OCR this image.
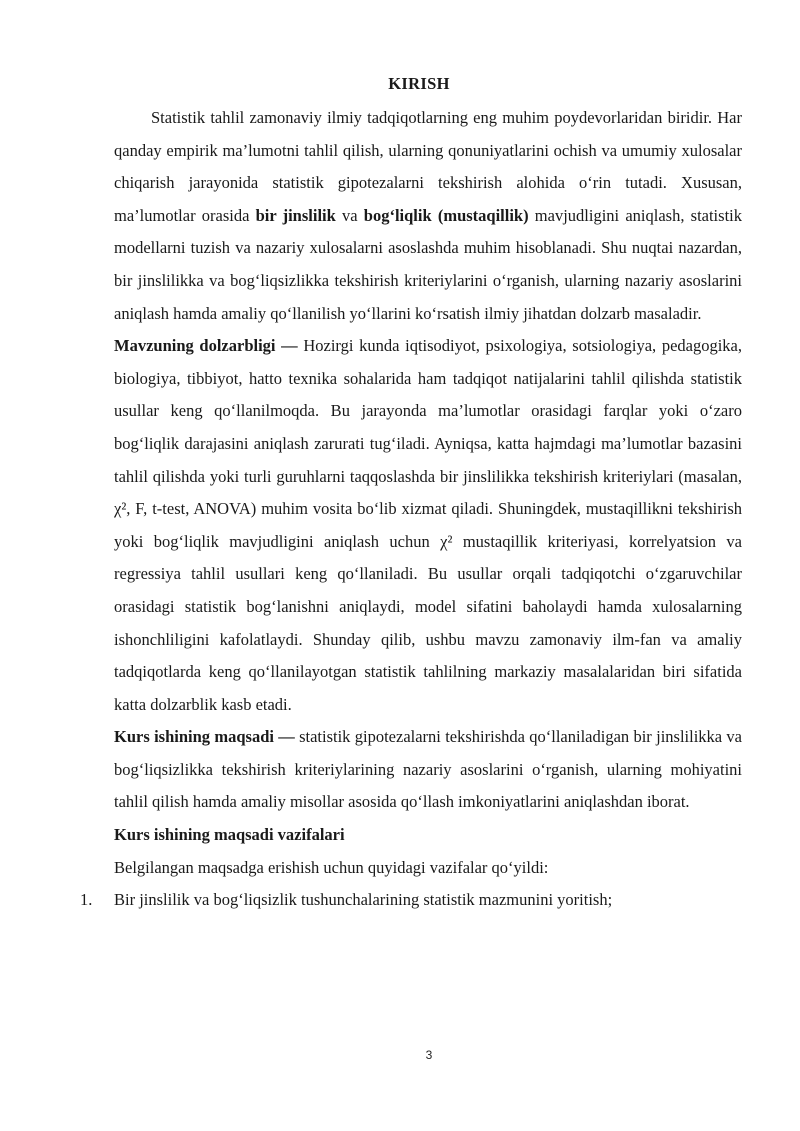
KIRISH

Statistik tahlil zamonaviy ilmiy tadqiqotlarning eng muhim poydevorlaridan biridir. Har qanday empirik ma’lumotni tahlil qilish, ularning qonuniyatlarini ochish va umumiy xulosalar chiqarish jarayonida statistik gipotezalarni tekshirish alohida o‘rin tutadi. Xususan, ma’lumotlar orasida bir jinslilik va bog‘liqlik (mustaqillik) mavjudligini aniqlash, statistik modellarni tuzish va nazariy xulosalarni asoslashda muhim hisoblanadi. Shu nuqtai nazardan, bir jinslilikka va bog‘liqsizlikka tekshirish kriteriylarini o‘rganish, ularning nazariy asoslarini aniqlash hamda amaliy qo‘llanilish yo‘llarini ko‘rsatish ilmiy jihatdan dolzarb masaladir.

Mavzuning dolzarbligi — Hozirgi kunda iqtisodiyot, psixologiya, sotsiologiya, pedagogika, biologiya, tibbiyot, hatto texnika sohalarida ham tadqiqot natijalarini tahlil qilishda statistik usullar keng qo‘llanilmoqda. Bu jarayonda ma’lumotlar orasidagi farqlar yoki o‘zaro bog‘liqlik darajasini aniqlash zarurati tug‘iladi. Ayniqsa, katta hajmdagi ma’lumotlar bazasini tahlil qilishda yoki turli guruhlarni taqqoslashda bir jinslilikka tekshirish kriteriylari (masalan, χ², F, t-test, ANOVA) muhim vosita bo‘lib xizmat qiladi. Shuningdek, mustaqillikni tekshirish yoki bog‘liqlik mavjudligini aniqlash uchun χ² mustaqillik kriteriyasi, korrelyatsion va regressiya tahlil usullari keng qo‘llaniladi. Bu usullar orqali tadqiqotchi o‘zgaruvchilar orasidagi statistik bog‘lanishni aniqlaydi, model sifatini baholaydi hamda xulosalarning ishonchliligini kafolatlaydi. Shunday qilib, ushbu mavzu zamonaviy ilm-fan va amaliy tadqiqotlarda keng qo‘llanilayotgan statistik tahlilning markaziy masalalaridan biri sifatida katta dolzarblik kasb etadi.

Kurs ishining maqsadi — statistik gipotezalarni tekshirishda qo‘llaniladigan bir jinslilikka va bog‘liqsizlikka tekshirish kriteriylarining nazariy asoslarini o‘rganish, ularning mohiyatini tahlil qilish hamda amaliy misollar asosida qo‘llash imkoniyatlarini aniqlashdan iborat.

Kurs ishining maqsadi vazifalari

Belgilangan maqsadga erishish uchun quyidagi vazifalar qo‘yildi:

1. Bir jinslilik va bog‘liqsizlik tushunchalarining statistik mazmunini yoritish;

3
